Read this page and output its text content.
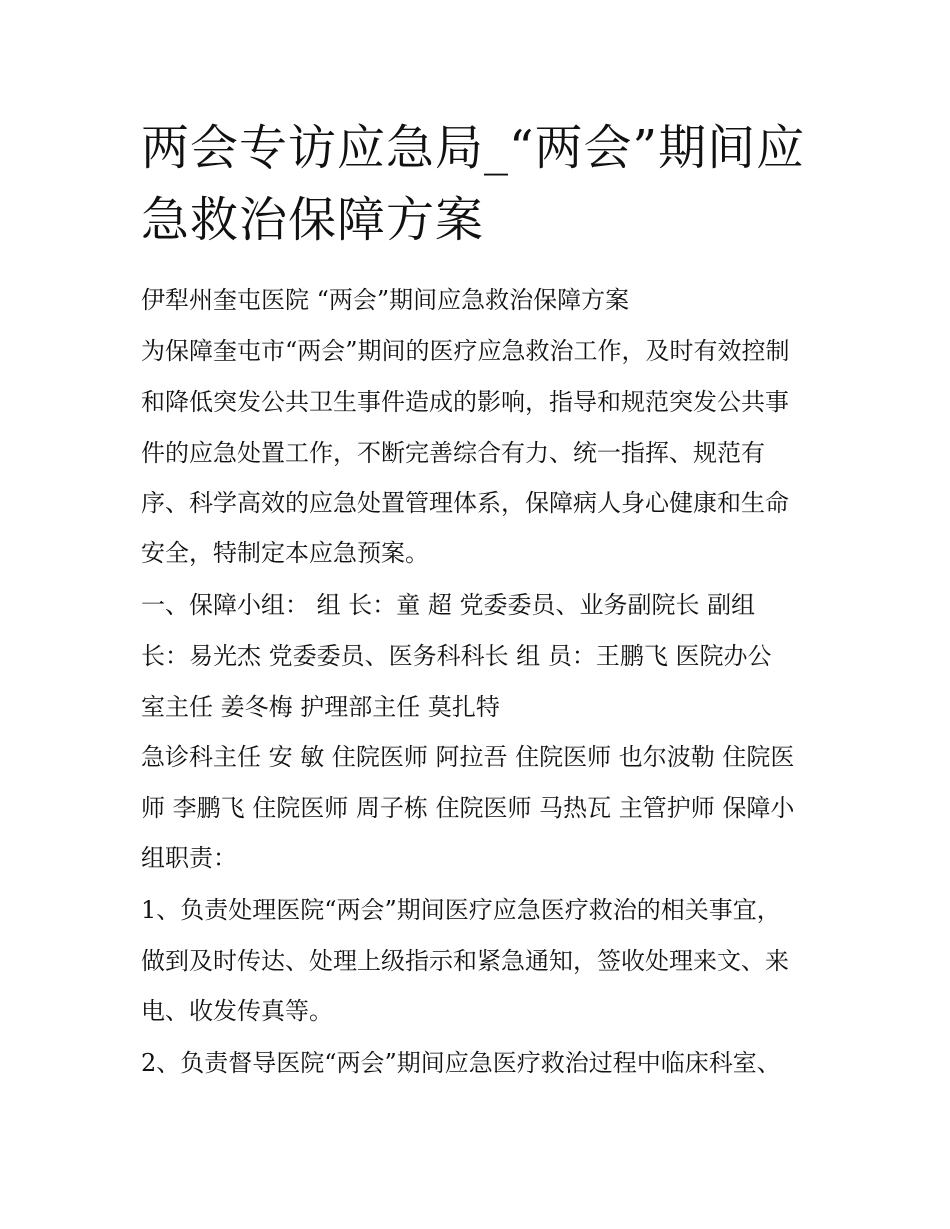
两会专访应急局_“两会”期间应
急救治保障方案

伊犁州奎屯医院 “两会”期间应急救治保障方案

为保障奎屯市“两会”期间的医疗应急救治工作，及时有效控制

和降低突发公共卫生事件造成的影响，指导和规范突发公共事

件的应急处置工作，不断完善综合有力、统一指挥、规范有

序、科学高效的应急处置管理体系，保障病人身心健康和生命

安全，特制定本应急预案。

一、保障小组： 组 长：童 超 党委委员、业务副院长 副组

长：易光杰 党委委员、医务科科长 组 员：王鹏飞 医院办公

室主任 姜冬梅 护理部主任 莫扎特

急诊科主任 安 敏 住院医师 阿拉吾 住院医师 也尔波勒 住院医

师 李鹏飞 住院医师 周子栋 住院医师 马热瓦 主管护师 保障小

组职责：

1、负责处理医院“两会”期间医疗应急医疗救治的相关事宜，

做到及时传达、处理上级指示和紧急通知，签收处理来文、来

电、收发传真等。

2、负责督导医院“两会”期间应急医疗救治过程中临床科室、
